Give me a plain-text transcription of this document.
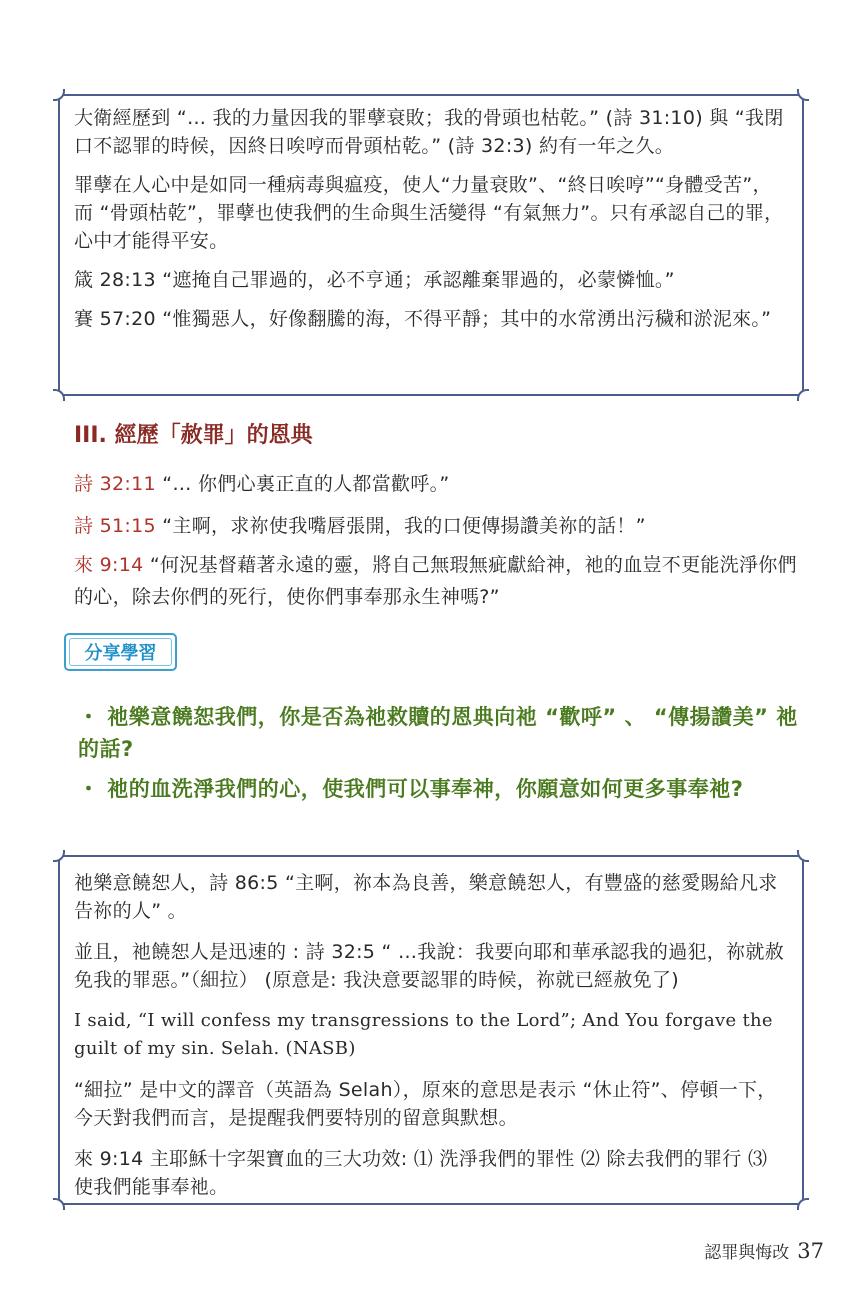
大衛經歷到 “… 我的力量因我的罪孽衰敗；我的骨頭也枯乾。” (詩 31:10) 與 “我閉口不認罪的時候，因終日唉哼而骨頭枯乾。” (詩 32:3) 約有一年之久。

罪孽在人心中是如同一種病毒與瘟疫，使人“力量衰敗”、“終日唉哼”“身體受苦”，而 “骨頭枯乾”，罪孽也使我們的生命與生活變得 “有氣無力”。只有承認自己的罪，心中才能得平安。

箴 28:13 “遮掩自己罪過的，必不亨通；承認離棄罪過的，必蒙憐恤。”

賽 57:20 “惟獨惡人，好像翻騰的海，不得平靜；其中的水常湧出污穢和淤泥來。”

III. 經歷「赦罪」的恩典

詩 32:11 “… 你們心裏正直的人都當歡呼。”

詩 51:15 “主啊，求祢使我嘴唇張開，我的口便傳揚讚美祢的話！”

來 9:14 “何況基督藉著永遠的靈，將自己無瑕無疵獻給神，祂的血豈不更能洗淨你們的心，除去你們的死行，使你們事奉那永生神嗎?”

分享學習

・ 祂樂意饒恕我們，你是否為祂救贖的恩典向祂 “歡呼” 、 “傳揚讚美” 祂的話?

・ 祂的血洗淨我們的心，使我們可以事奉神，你願意如何更多事奉祂?

祂樂意饒恕人，詩 86:5 “主啊，祢本為良善，樂意饒恕人，有豐盛的慈愛賜給凡求告祢的人” 。

並且，祂饒恕人是迅速的 : 詩 32:5 “ …我說：我要向耶和華承認我的過犯，祢就赦免我的罪惡。”（細拉） (原意是: 我決意要認罪的時候，祢就已經赦免了)

I said, “I will confess my transgressions to the Lord”; And You forgave the guilt of my sin. Selah. (NASB)

“細拉” 是中文的譯音（英語為 Selah），原來的意思是表示 “休止符”、停頓一下，今天對我們而言，是提醒我們要特別的留意與默想。

來 9:14 主耶穌十字架寶血的三大功效: ⑴ 洗淨我們的罪性 ⑵ 除去我們的罪行 ⑶ 使我們能事奉祂。

認罪與悔改 37
